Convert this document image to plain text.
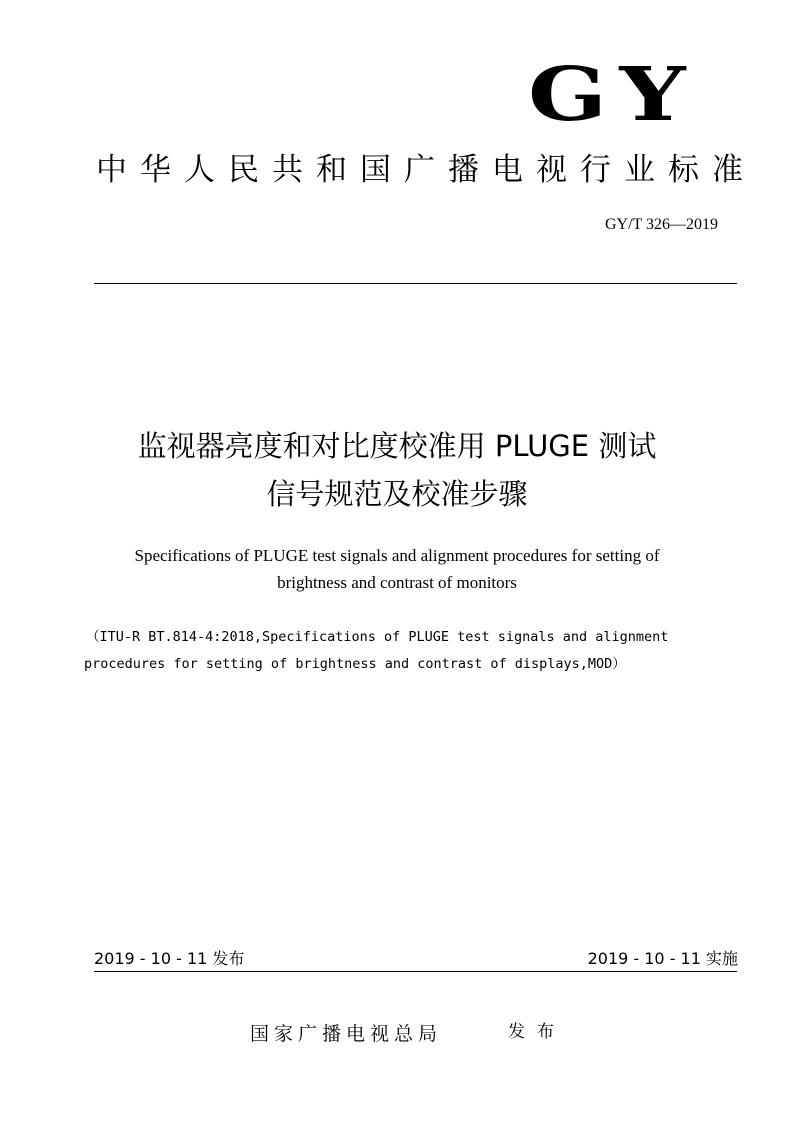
GY
中华人民共和国广播电视行业标准
GY/T 326—2019
监视器亮度和对比度校准用 PLUGE 测试
信号规范及校准步骤
Specifications of PLUGE test signals and alignment procedures for setting of
brightness and contrast of monitors
（ITU-R BT.814-4:2018,Specifications of PLUGE test signals and alignment
procedures for setting of brightness and contrast of displays,MOD）
2019 - 10 - 11 发布	2019 - 10 - 11 实施
国家广播电视总局	发布
